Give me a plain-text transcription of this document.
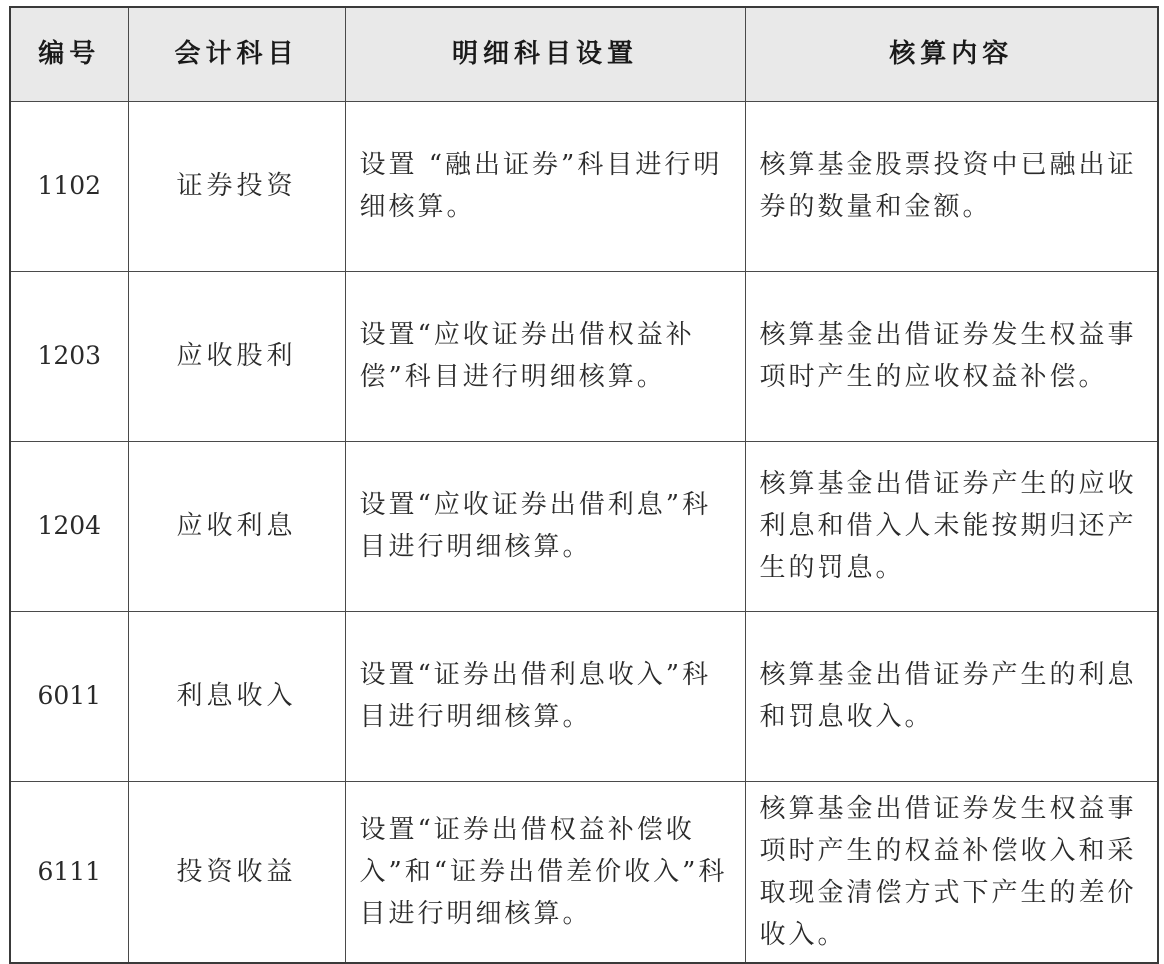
编号	会计科目	明细科目设置	核算内容
1102	证券投资	设置 “融出证券”科目进行明细核算。	核算基金股票投资中已融出证券的数量和金额。
1203	应收股利	设置“应收证券出借权益补偿”科目进行明细核算。	核算基金出借证券发生权益事项时产生的应收权益补偿。
1204	应收利息	设置“应收证券出借利息”科目进行明细核算。	核算基金出借证券产生的应收利息和借入人未能按期归还产生的罚息。
6011	利息收入	设置“证券出借利息收入”科目进行明细核算。	核算基金出借证券产生的利息和罚息收入。
6111	投资收益	设置“证券出借权益补偿收入”和“证券出借差价收入”科目进行明细核算。	核算基金出借证券发生权益事项时产生的权益补偿收入和采取现金清偿方式下产生的差价收入。
